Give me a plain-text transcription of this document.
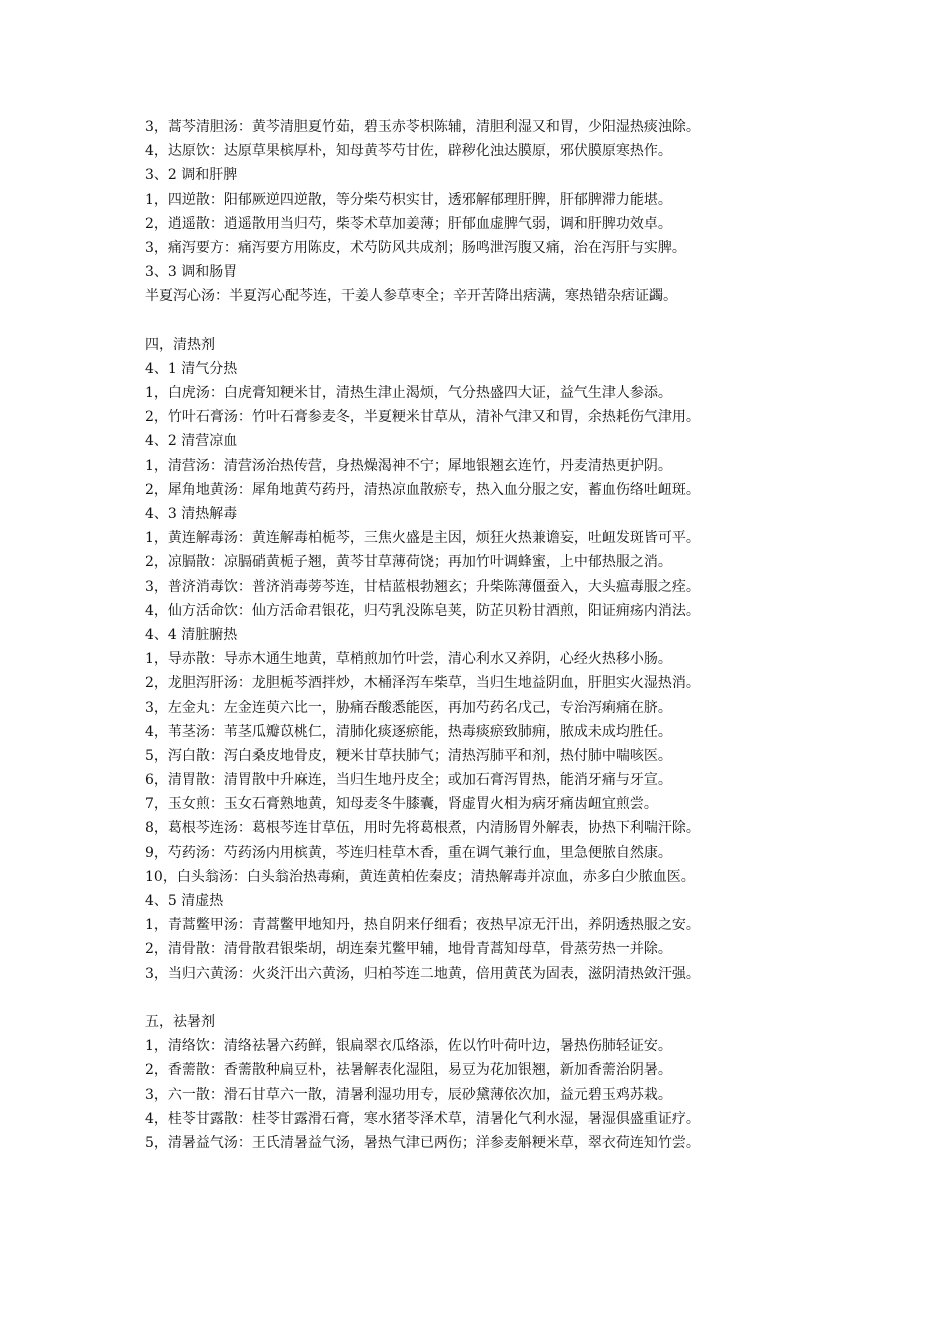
3，蒿芩清胆汤：黄芩清胆夏竹茹，碧玉赤苓枳陈辅，清胆利湿又和胃，少阳湿热痰浊除。
4，达原饮：达原草果槟厚朴，知母黄芩芍甘佐，辟秽化浊达膜原，邪伏膜原寒热作。
3、2 调和肝脾
1，四逆散：阳郁厥逆四逆散，等分柴芍枳实甘，透邪解郁理肝脾，肝郁脾滞力能堪。
2，逍遥散：逍遥散用当归芍，柴苓术草加姜薄；肝郁血虚脾气弱，调和肝脾功效卓。
3，痛泻要方：痛泻要方用陈皮，术芍防风共成剂；肠鸣泄泻腹又痛，治在泻肝与实脾。
3、3 调和肠胃
半夏泻心汤：半夏泻心配芩连，干姜人参草枣全；辛开苦降出痞满，寒热错杂痞证蠲。
四，清热剂
4、1 清气分热
1，白虎汤：白虎膏知粳米甘，清热生津止渴烦，气分热盛四大证，益气生津人参添。
2，竹叶石膏汤：竹叶石膏参麦冬，半夏粳米甘草从，清补气津又和胃，余热耗伤气津用。
4、2 清营凉血
1，清营汤：清营汤治热传营，身热燥渴神不宁；犀地银翘玄连竹，丹麦清热更护阴。
2，犀角地黄汤：犀角地黄芍药丹，清热凉血散瘀专，热入血分服之安，蓄血伤络吐衄斑。
4、3 清热解毒
1，黄连解毒汤：黄连解毒柏栀芩，三焦火盛是主因，烦狂火热兼谵妄，吐衄发斑皆可平。
2，凉膈散：凉膈硝黄栀子翘，黄芩甘草薄荷饶；再加竹叶调蜂蜜，上中郁热服之消。
3，普济消毒饮：普济消毒蒡芩连，甘桔蓝根勃翘玄；升柴陈薄僵蚕入，大头瘟毒服之痊。
4，仙方活命饮：仙方活命君银花，归芍乳没陈皂荚，防芷贝粉甘酒煎，阳证痈疡内消法。
4、4 清脏腑热
1，导赤散：导赤木通生地黄，草梢煎加竹叶尝，清心利水又养阴，心经火热移小肠。
2，龙胆泻肝汤：龙胆栀芩酒拌炒，木桶泽泻车柴草，当归生地益阴血，肝胆实火湿热消。
3，左金丸：左金连萸六比一，胁痛吞酸悉能医，再加芍药名戊己，专治泻痢痛在脐。
4，苇茎汤：苇茎瓜瓣苡桃仁，清肺化痰逐瘀能，热毒痰瘀致肺痈，脓成未成均胜任。
5，泻白散：泻白桑皮地骨皮，粳米甘草扶肺气；清热泻肺平和剂，热付肺中喘咳医。
6，清胃散：清胃散中升麻连，当归生地丹皮全；或加石膏泻胃热，能消牙痛与牙宣。
7，玉女煎：玉女石膏熟地黄，知母麦冬牛膝囊，肾虚胃火相为病牙痛齿衄宜煎尝。
8，葛根芩连汤：葛根芩连甘草伍，用时先将葛根煮，内清肠胃外解表，协热下利喘汗除。
9，芍药汤：芍药汤内用槟黄，芩连归桂草木香，重在调气兼行血，里急便脓自然康。
10，白头翁汤：白头翁治热毒痢，黄连黄柏佐秦皮；清热解毒并凉血，赤多白少脓血医。
4、5 清虚热
1，青蒿鳖甲汤：青蒿鳖甲地知丹，热自阴来仔细看；夜热早凉无汗出，养阴透热服之安。
2，清骨散：清骨散君银柴胡，胡连秦艽鳖甲辅，地骨青蒿知母草，骨蒸劳热一并除。
3，当归六黄汤：火炎汗出六黄汤，归柏芩连二地黄，倍用黄芪为固表，滋阴清热敛汗强。
五，祛暑剂
1，清络饮：清络祛暑六药鲜，银扁翠衣瓜络添，佐以竹叶荷叶边，暑热伤肺轻证安。
2，香薷散：香薷散种扁豆朴，祛暑解表化湿阻，易豆为花加银翘，新加香薷治阴暑。
3，六一散：滑石甘草六一散，清暑利湿功用专，辰砂黛薄依次加，益元碧玉鸡苏栽。
4，桂苓甘露散：桂苓甘露滑石膏，寒水猪苓泽术草，清暑化气利水湿，暑湿俱盛重证疗。
5，清暑益气汤：王氏清暑益气汤，暑热气津已两伤；洋参麦斛粳米草，翠衣荷连知竹尝。
